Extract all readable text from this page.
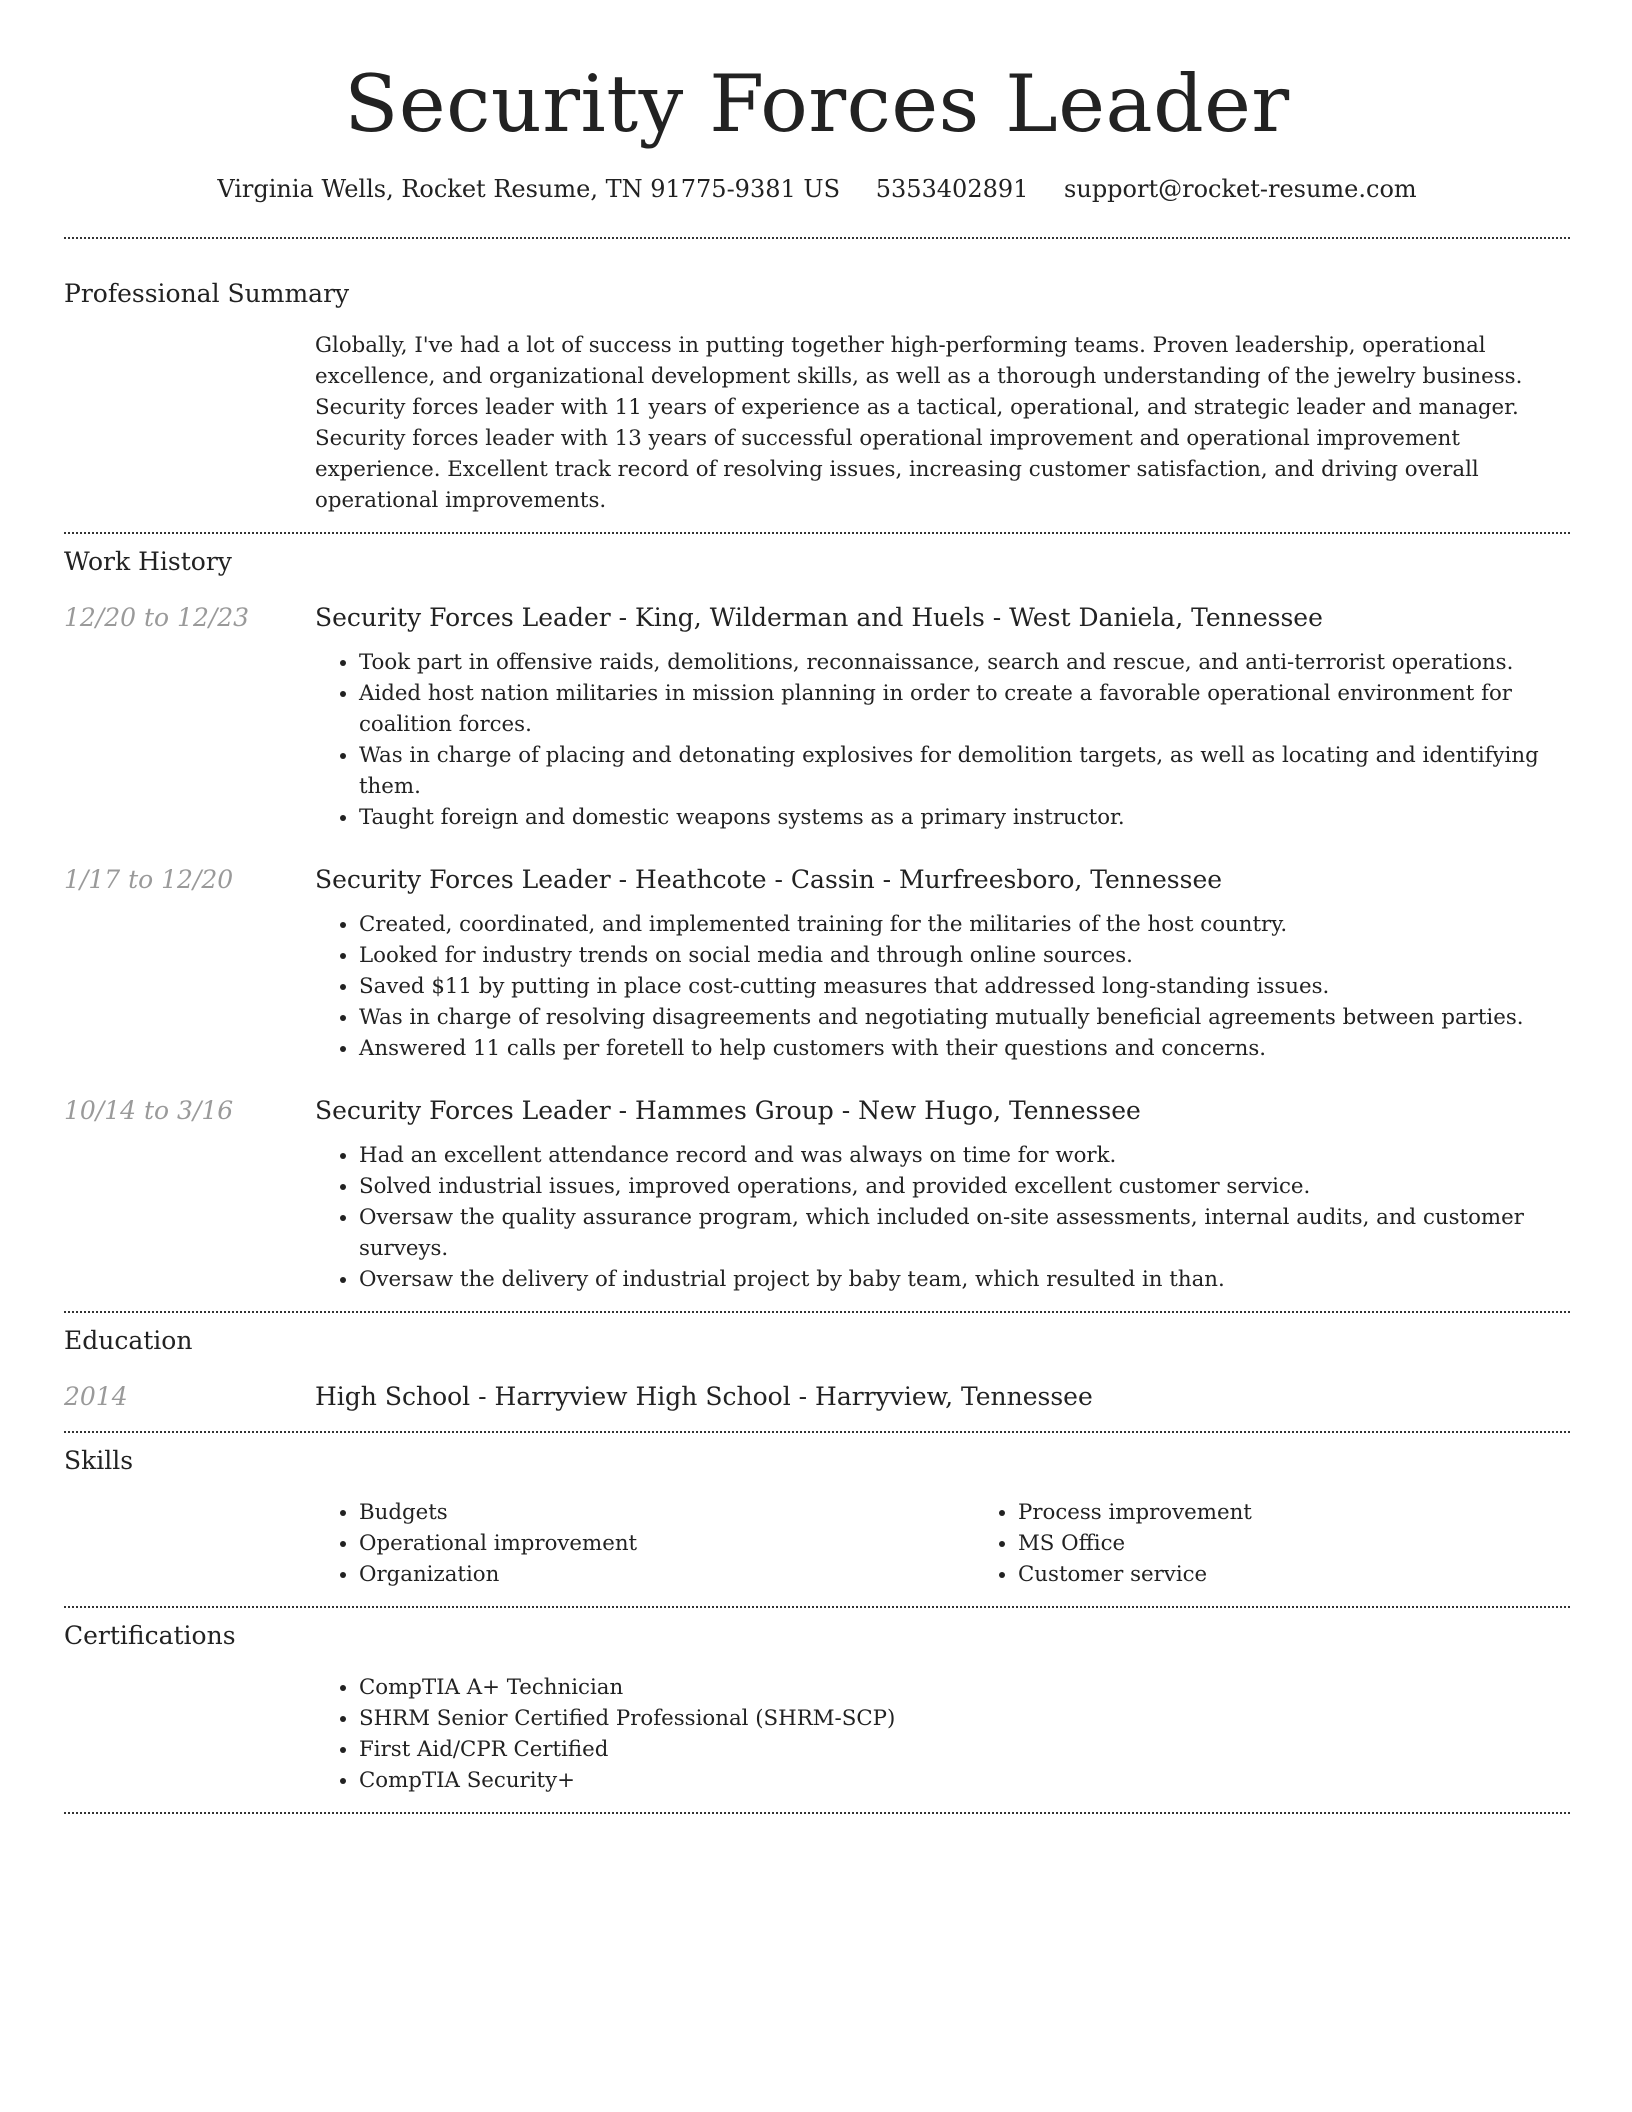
Security Forces Leader
Virginia Wells, Rocket Resume, TN 91775-9381 US 5353402891 support@rocket-resume.com
Professional Summary
Globally, I've had a lot of success in putting together high-performing teams. Proven leadership, operational excellence, and organizational development skills, as well as a thorough understanding of the jewelry business. Security forces leader with 11 years of experience as a tactical, operational, and strategic leader and manager. Security forces leader with 13 years of successful operational improvement and operational improvement experience. Excellent track record of resolving issues, increasing customer satisfaction, and driving overall operational improvements.
Work History
12/20 to 12/23	Security Forces Leader - King, Wilderman and Huels - West Daniela, Tennessee
• Took part in offensive raids, demolitions, reconnaissance, search and rescue, and anti-terrorist operations.
• Aided host nation militaries in mission planning in order to create a favorable operational environment for coalition forces.
• Was in charge of placing and detonating explosives for demolition targets, as well as locating and identifying them.
• Taught foreign and domestic weapons systems as a primary instructor.
1/17 to 12/20	Security Forces Leader - Heathcote - Cassin - Murfreesboro, Tennessee
• Created, coordinated, and implemented training for the militaries of the host country.
• Looked for industry trends on social media and through online sources.
• Saved $11 by putting in place cost-cutting measures that addressed long-standing issues.
• Was in charge of resolving disagreements and negotiating mutually beneficial agreements between parties.
• Answered 11 calls per foretell to help customers with their questions and concerns.
10/14 to 3/16	Security Forces Leader - Hammes Group - New Hugo, Tennessee
• Had an excellent attendance record and was always on time for work.
• Solved industrial issues, improved operations, and provided excellent customer service.
• Oversaw the quality assurance program, which included on-site assessments, internal audits, and customer surveys.
• Oversaw the delivery of industrial project by baby team, which resulted in than.
Education
2014	High School - Harryview High School - Harryview, Tennessee
Skills
• Budgets
• Operational improvement
• Organization
• Process improvement
• MS Office
• Customer service
Certifications
• CompTIA A+ Technician
• SHRM Senior Certified Professional (SHRM-SCP)
• First Aid/CPR Certified
• CompTIA Security+
